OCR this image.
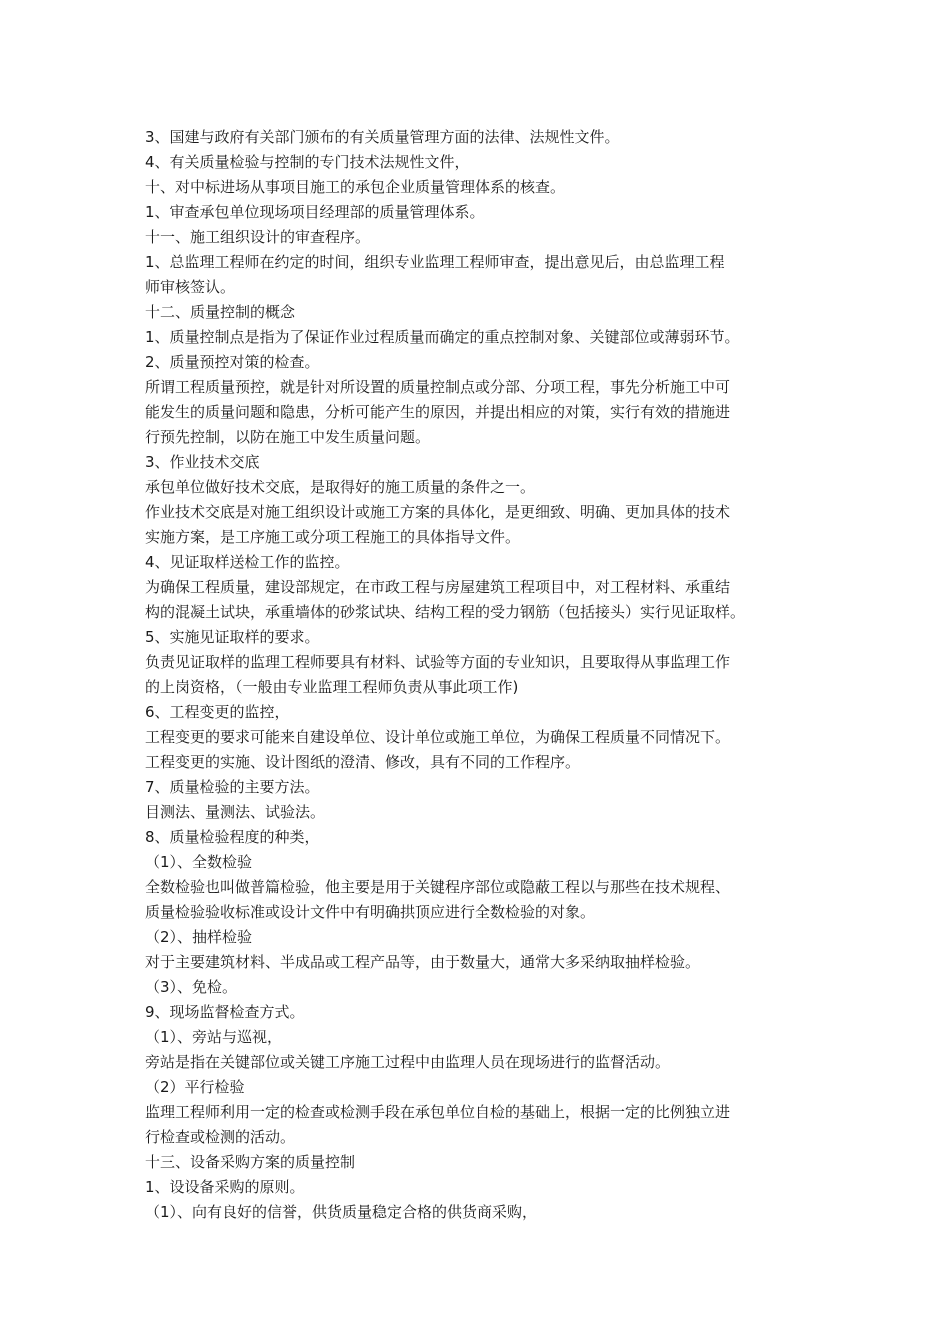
3、国建与政府有关部门颁布的有关质量管理方面的法律、法规性文件。
4、有关质量检验与控制的专门技术法规性文件，
十、对中标进场从事项目施工的承包企业质量管理体系的核查。
1、审查承包单位现场项目经理部的质量管理体系。
十一、施工组织设计的审查程序。
1、总监理工程师在约定的时间，组织专业监理工程师审查，提出意见后，由总监理工程
师审核签认。
十二、质量控制的概念
1、质量控制点是指为了保证作业过程质量而确定的重点控制对象、关键部位或薄弱环节。
2、质量预控对策的检查。
所谓工程质量预控，就是针对所设置的质量控制点或分部、分项工程，事先分析施工中可
能发生的质量问题和隐患，分析可能产生的原因，并提出相应的对策，实行有效的措施进
行预先控制，以防在施工中发生质量问题。
3、作业技术交底
承包单位做好技术交底，是取得好的施工质量的条件之一。
作业技术交底是对施工组织设计或施工方案的具体化，是更细致、明确、更加具体的技术
实施方案，是工序施工或分项工程施工的具体指导文件。
4、见证取样送检工作的监控。
为确保工程质量，建设部规定，在市政工程与房屋建筑工程项目中，对工程材料、承重结
构的混凝土试块，承重墙体的砂浆试块、结构工程的受力钢筋（包括接头）实行见证取样。
5、实施见证取样的要求。
负责见证取样的监理工程师要具有材料、试验等方面的专业知识，且要取得从事监理工作
的上岗资格，（一般由专业监理工程师负责从事此项工作)
6、工程变更的监控，
工程变更的要求可能来自建设单位、设计单位或施工单位，为确保工程质量不同情况下。
工程变更的实施、设计图纸的澄清、修改，具有不同的工作程序。
7、质量检验的主要方法。
目测法、量测法、试验法。
8、质量检验程度的种类，
（1）、全数检验
全数检验也叫做普篇检验，他主要是用于关键程序部位或隐蔽工程以与那些在技术规程、
质量检验验收标准或设计文件中有明确拱顶应进行全数检验的对象。
（2）、抽样检验
对于主要建筑材料、半成品或工程产品等，由于数量大，通常大多采纳取抽样检验。
（3）、免检。
9、现场监督检查方式。
（1）、旁站与巡视，
旁站是指在关键部位或关键工序施工过程中由监理人员在现场进行的监督活动。
（2）平行检验
监理工程师利用一定的检查或检测手段在承包单位自检的基础上，根据一定的比例独立进
行检查或检测的活动。
十三、设备采购方案的质量控制
1、设设备采购的原则。
（1）、向有良好的信誉，供货质量稳定合格的供货商采购，
